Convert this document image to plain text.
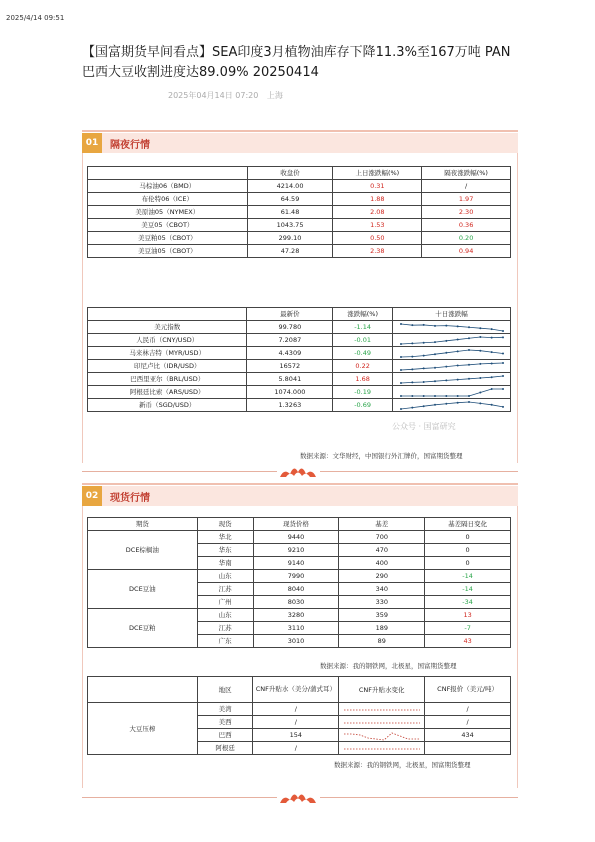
2025/4/14 09:51
【国富期货早间看点】SEA印度3月植物油库存下降11.3%至167万吨 PAN巴西大豆收割进度达89.09% 20250414
2025年04月14日 07:20 上海
01	隔夜行情
	收盘价	上日涨跌幅(%)	隔夜涨跌幅(%)
马棕油06（BMD）	4214.00	0.31	/
布伦特06（ICE）	64.59	1.88	1.97
美原油05（NYMEX）	61.48	2.08	2.30
美豆05（CBOT）	1043.75	1.53	0.36
美豆粕05（CBOT）	299.10	0.50	0.20
美豆油05（CBOT）	47.28	2.38	0.94
	最新价	涨跌幅(%)	十日涨跌幅
美元指数	99.780	-1.14	

人民币（CNY/USD）	7.2087	-0.01	

马来林吉特（MYR/USD）	4.4309	-0.49	

印尼卢比（IDR/USD）	16572	0.22	

巴西里亚尔（BRL/USD）	5.8041	1.68	

阿根廷比索（ARS/USD）	1074.000	-0.19	

新币（SGD/USD）	1.3263	-0.69	
数据来源：文华财经，中国银行外汇牌价，国富期货整理
公众号 · 国富研究
02	现货行情
期货	现货	现货价格	基差	基差隔日变化
DCE棕榈油	华北	9440	700	0
	华东	9210	470	0
	华南	9140	400	0
DCE豆油	山东	7990	290	-14
	江苏	8040	340	-14
	广州	8030	330	-34
DCE豆粕	山东	3280	359	13
	江苏	3110	189	-7
	广东	3010	89	43
数据来源：我的钢铁网，北极星，国富期货整理
	地区	CNF升贴水（美分/蒲式耳）	CNF升贴水变化	CNF报价（美元/吨）
大豆压榨	美湾	/		/
	美西	/		/
	巴西	154		434
	阿根廷	/	

数据来源：我的钢铁网，北极星，国富期货整理
